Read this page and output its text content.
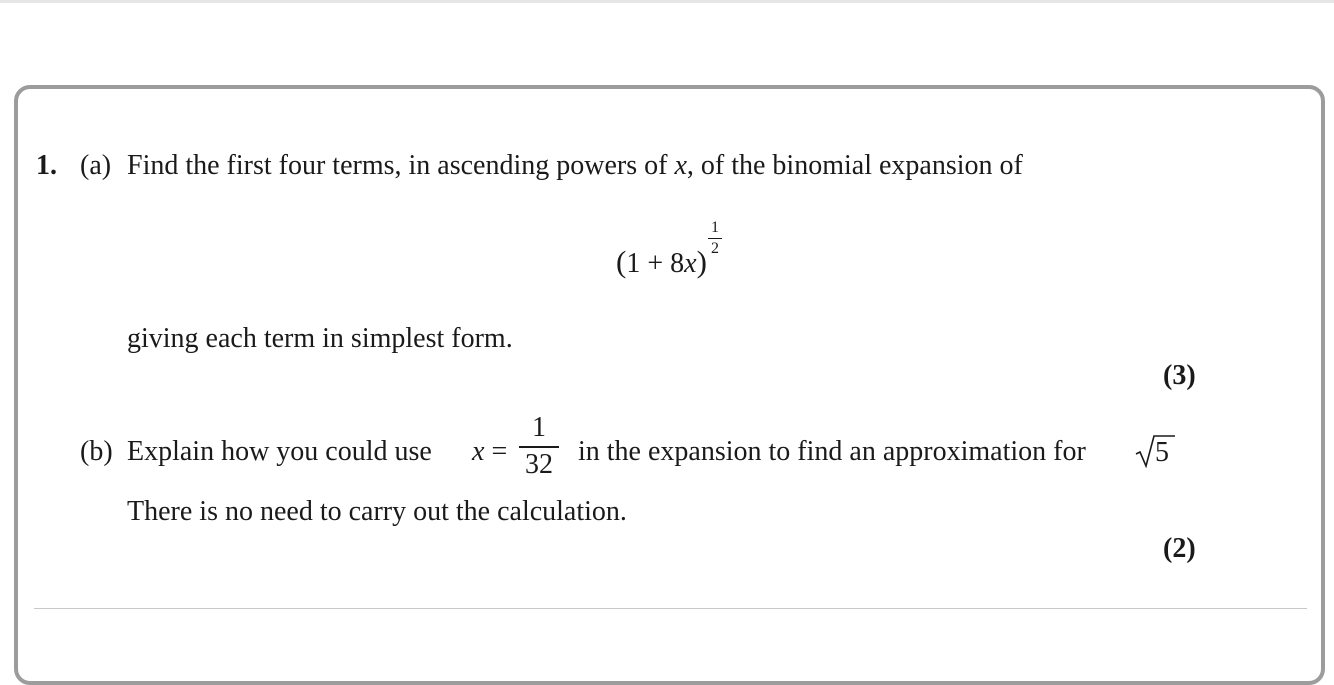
1. (a) Find the first four terms, in ascending powers of x, of the binomial expansion of
(1 + 8x)
1
2
giving each term in simplest form.
(3)
(b) Explain how you could use x =
1
32 in the expansion to find an approximation for 5
There is no need to carry out the calculation.
(2)
